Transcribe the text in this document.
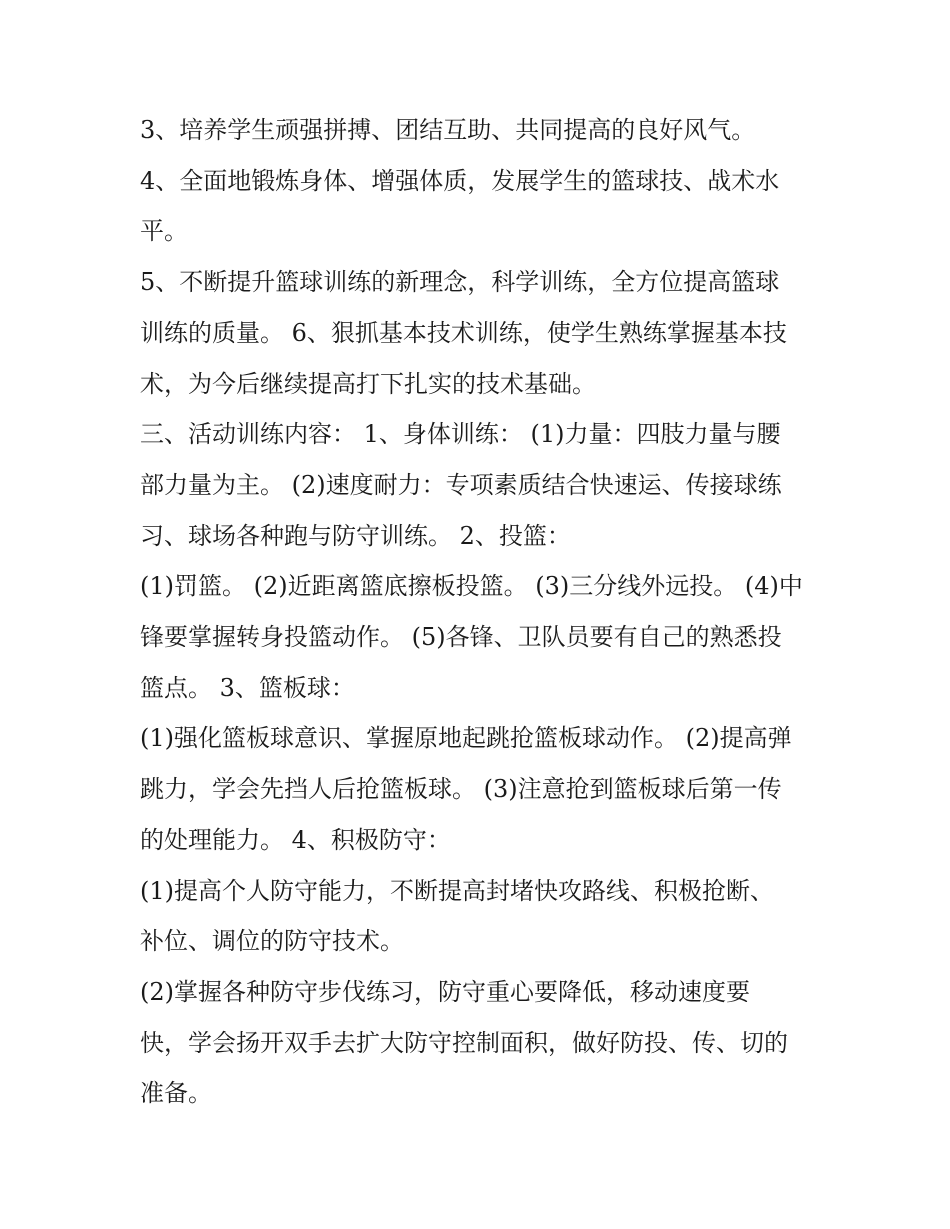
3、培养学生顽强拼搏、团结互助、共同提高的良好风气。

4、全面地锻炼身体、增强体质，发展学生的篮球技、战术水
平。

5、不断提升篮球训练的新理念，科学训练，全方位提高篮球
训练的质量。 6、狠抓基本技术训练，使学生熟练掌握基本技
术，为今后继续提高打下扎实的技术基础。

三、活动训练内容： 1、身体训练： (1)力量：四肢力量与腰
部力量为主。 (2)速度耐力：专项素质结合快速运、传接球练
习、球场各种跑与防守训练。 2、投篮：

(1)罚篮。 (2)近距离篮底擦板投篮。 (3)三分线外远投。 (4)中
锋要掌握转身投篮动作。 (5)各锋、卫队员要有自己的熟悉投
篮点。 3、篮板球：

(1)强化篮板球意识、掌握原地起跳抢篮板球动作。 (2)提高弹
跳力，学会先挡人后抢篮板球。 (3)注意抢到篮板球后第一传
的处理能力。 4、积极防守：

(1)提高个人防守能力，不断提高封堵快攻路线、积极抢断、
补位、调位的防守技术。

(2)掌握各种防守步伐练习，防守重心要降低，移动速度要
快，学会扬开双手去扩大防守控制面积，做好防投、传、切的
准备。
